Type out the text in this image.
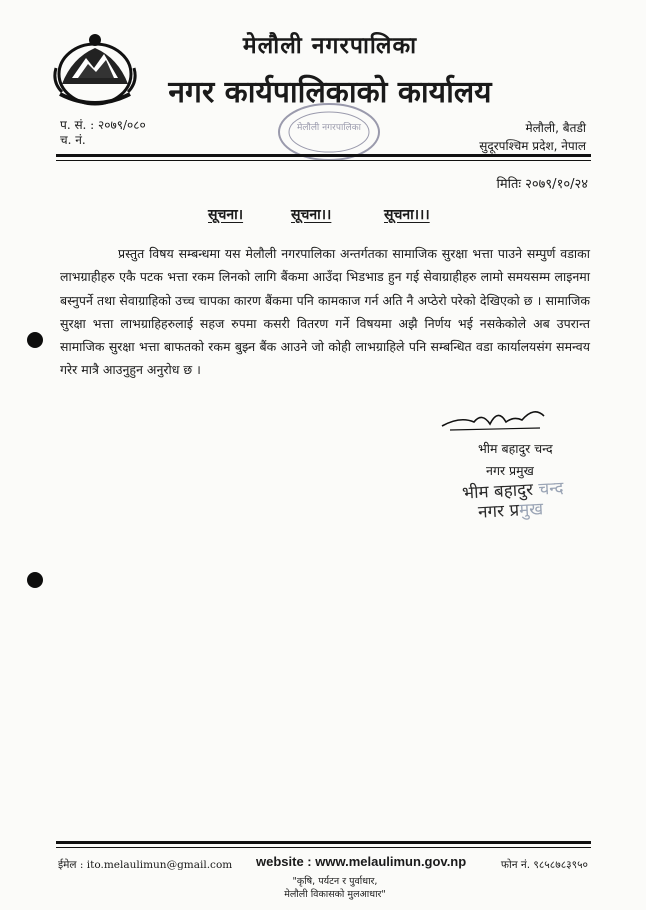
मेलौली नगरपालिका
नगर कार्यपालिकाको कार्यालय
मेलौली नगरपालिका
प. सं. : २०७९/०८०
च. नं.
मेलौली, बैतडी
सुदूरपश्चिम प्रदेश, नेपाल
मितिः २०७९/१०/२४
सूचना।	सूचना।।	सूचना।।।

प्रस्तुत विषय सम्बन्धमा यस मेलौली नगरपालिका अन्तर्गतका सामाजिक सुरक्षा भत्ता पाउने सम्पुर्ण वडाका लाभग्राहीहरु एकै पटक भत्ता रकम लिनको लागि बैंकमा आउँदा भिडभाड हुन गई सेवाग्राहीहरु लामो समयसम्म लाइनमा बस्नुपर्ने तथा सेवाग्राहिको उच्च चापका कारण बैंकमा पनि कामकाज गर्न अति नै अप्ठेरो परेको देखिएको छ । सामाजिक सुरक्षा भत्ता लाभग्राहिहरुलाई सहज रुपमा कसरी वितरण गर्ने विषयमा अझै निर्णय भई नसकेकोले अब उपरान्त सामाजिक सुरक्षा भत्ता बाफतको रकम बुझ्न बैंक आउने जो कोही लाभग्राहिले पनि सम्बन्धित वडा कार्यालयसंग समन्वय गरेर मात्रै आउनुहुन अनुरोध छ ।

भीम बहादुर चन्द
नगर प्रमुख
भीम बहादुर चन्द
नगर प्रमुख
ईमेल : ito.melaulimun@gmail.com website : www.melaulimun.gov.np	फोन नं. ९८५८७८३९५०
"कृषि, पर्यटन र पुर्वाधार,
मेलौली विकासको मुलआधार"
